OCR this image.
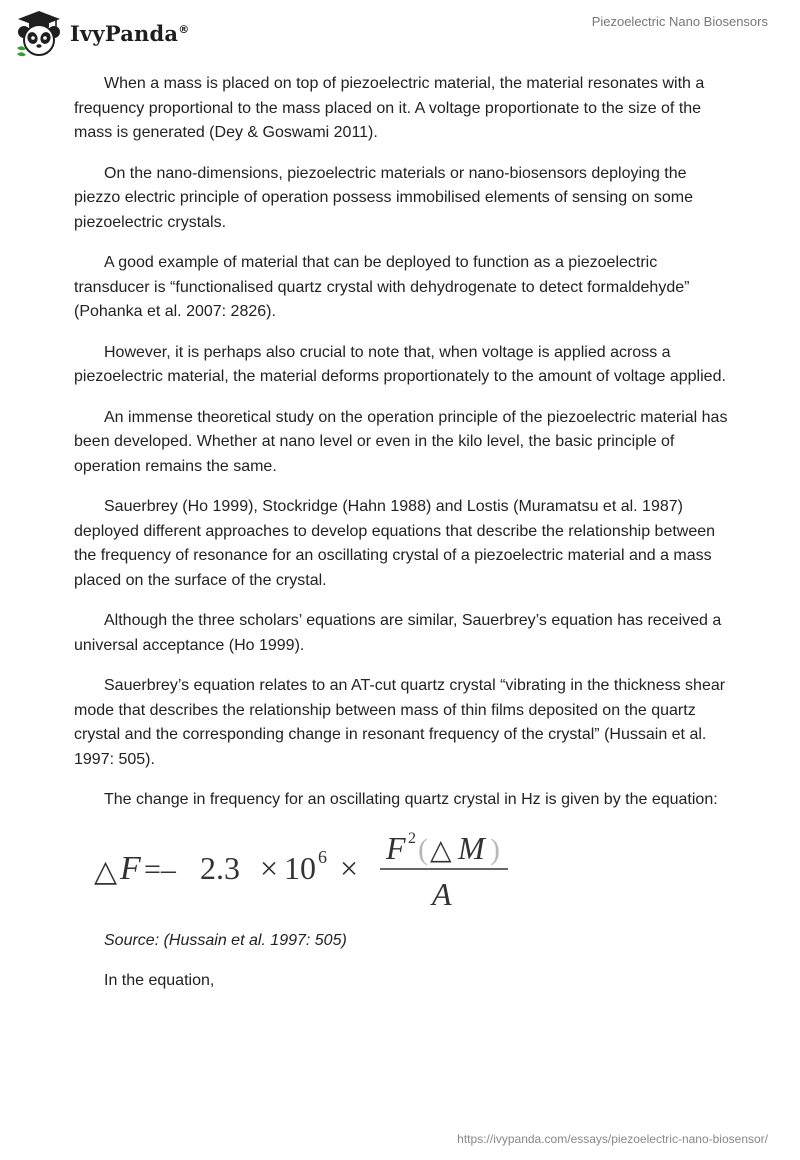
IvyPanda®	Piezoelectric Nano Biosensors

When a mass is placed on top of piezoelectric material, the material resonates with a frequency proportional to the mass placed on it. A voltage proportionate to the size of the mass is generated (Dey & Goswami 2011).

On the nano-dimensions, piezoelectric materials or nano-biosensors deploying the piezzo electric principle of operation possess immobilised elements of sensing on some piezoelectric crystals.

A good example of material that can be deployed to function as a piezoelectric transducer is “functionalised quartz crystal with dehydrogenate to detect formaldehyde” (Pohanka et al. 2007: 2826).

However, it is perhaps also crucial to note that, when voltage is applied across a piezoelectric material, the material deforms proportionately to the amount of voltage applied.

An immense theoretical study on the operation principle of the piezoelectric material has been developed. Whether at nano level or even in the kilo level, the basic principle of operation remains the same.

Sauerbrey (Ho 1999), Stockridge (Hahn 1988) and Lostis (Muramatsu et al. 1987) deployed different approaches to develop equations that describe the relationship between the frequency of resonance for an oscillating crystal of a piezoelectric material and a mass placed on the surface of the crystal.

Although the three scholars’ equations are similar, Sauerbrey’s equation has received a universal acceptance (Ho 1999).

Sauerbrey’s equation relates to an AT-cut quartz crystal “vibrating in the thickness shear mode that describes the relationship between mass of thin films deposited on the quartz crystal and the corresponding change in resonant frequency of the crystal” (Hussain et al. 1997: 505).

The change in frequency for an oscillating quartz crystal in Hz is given by the equation:

△ F =– 2.3 × 10 6 ×
F 2 ( △ M )
A

Source: (Hussain et al. 1997: 505)

In the equation,

https://ivypanda.com/essays/piezoelectric-nano-biosensor/
